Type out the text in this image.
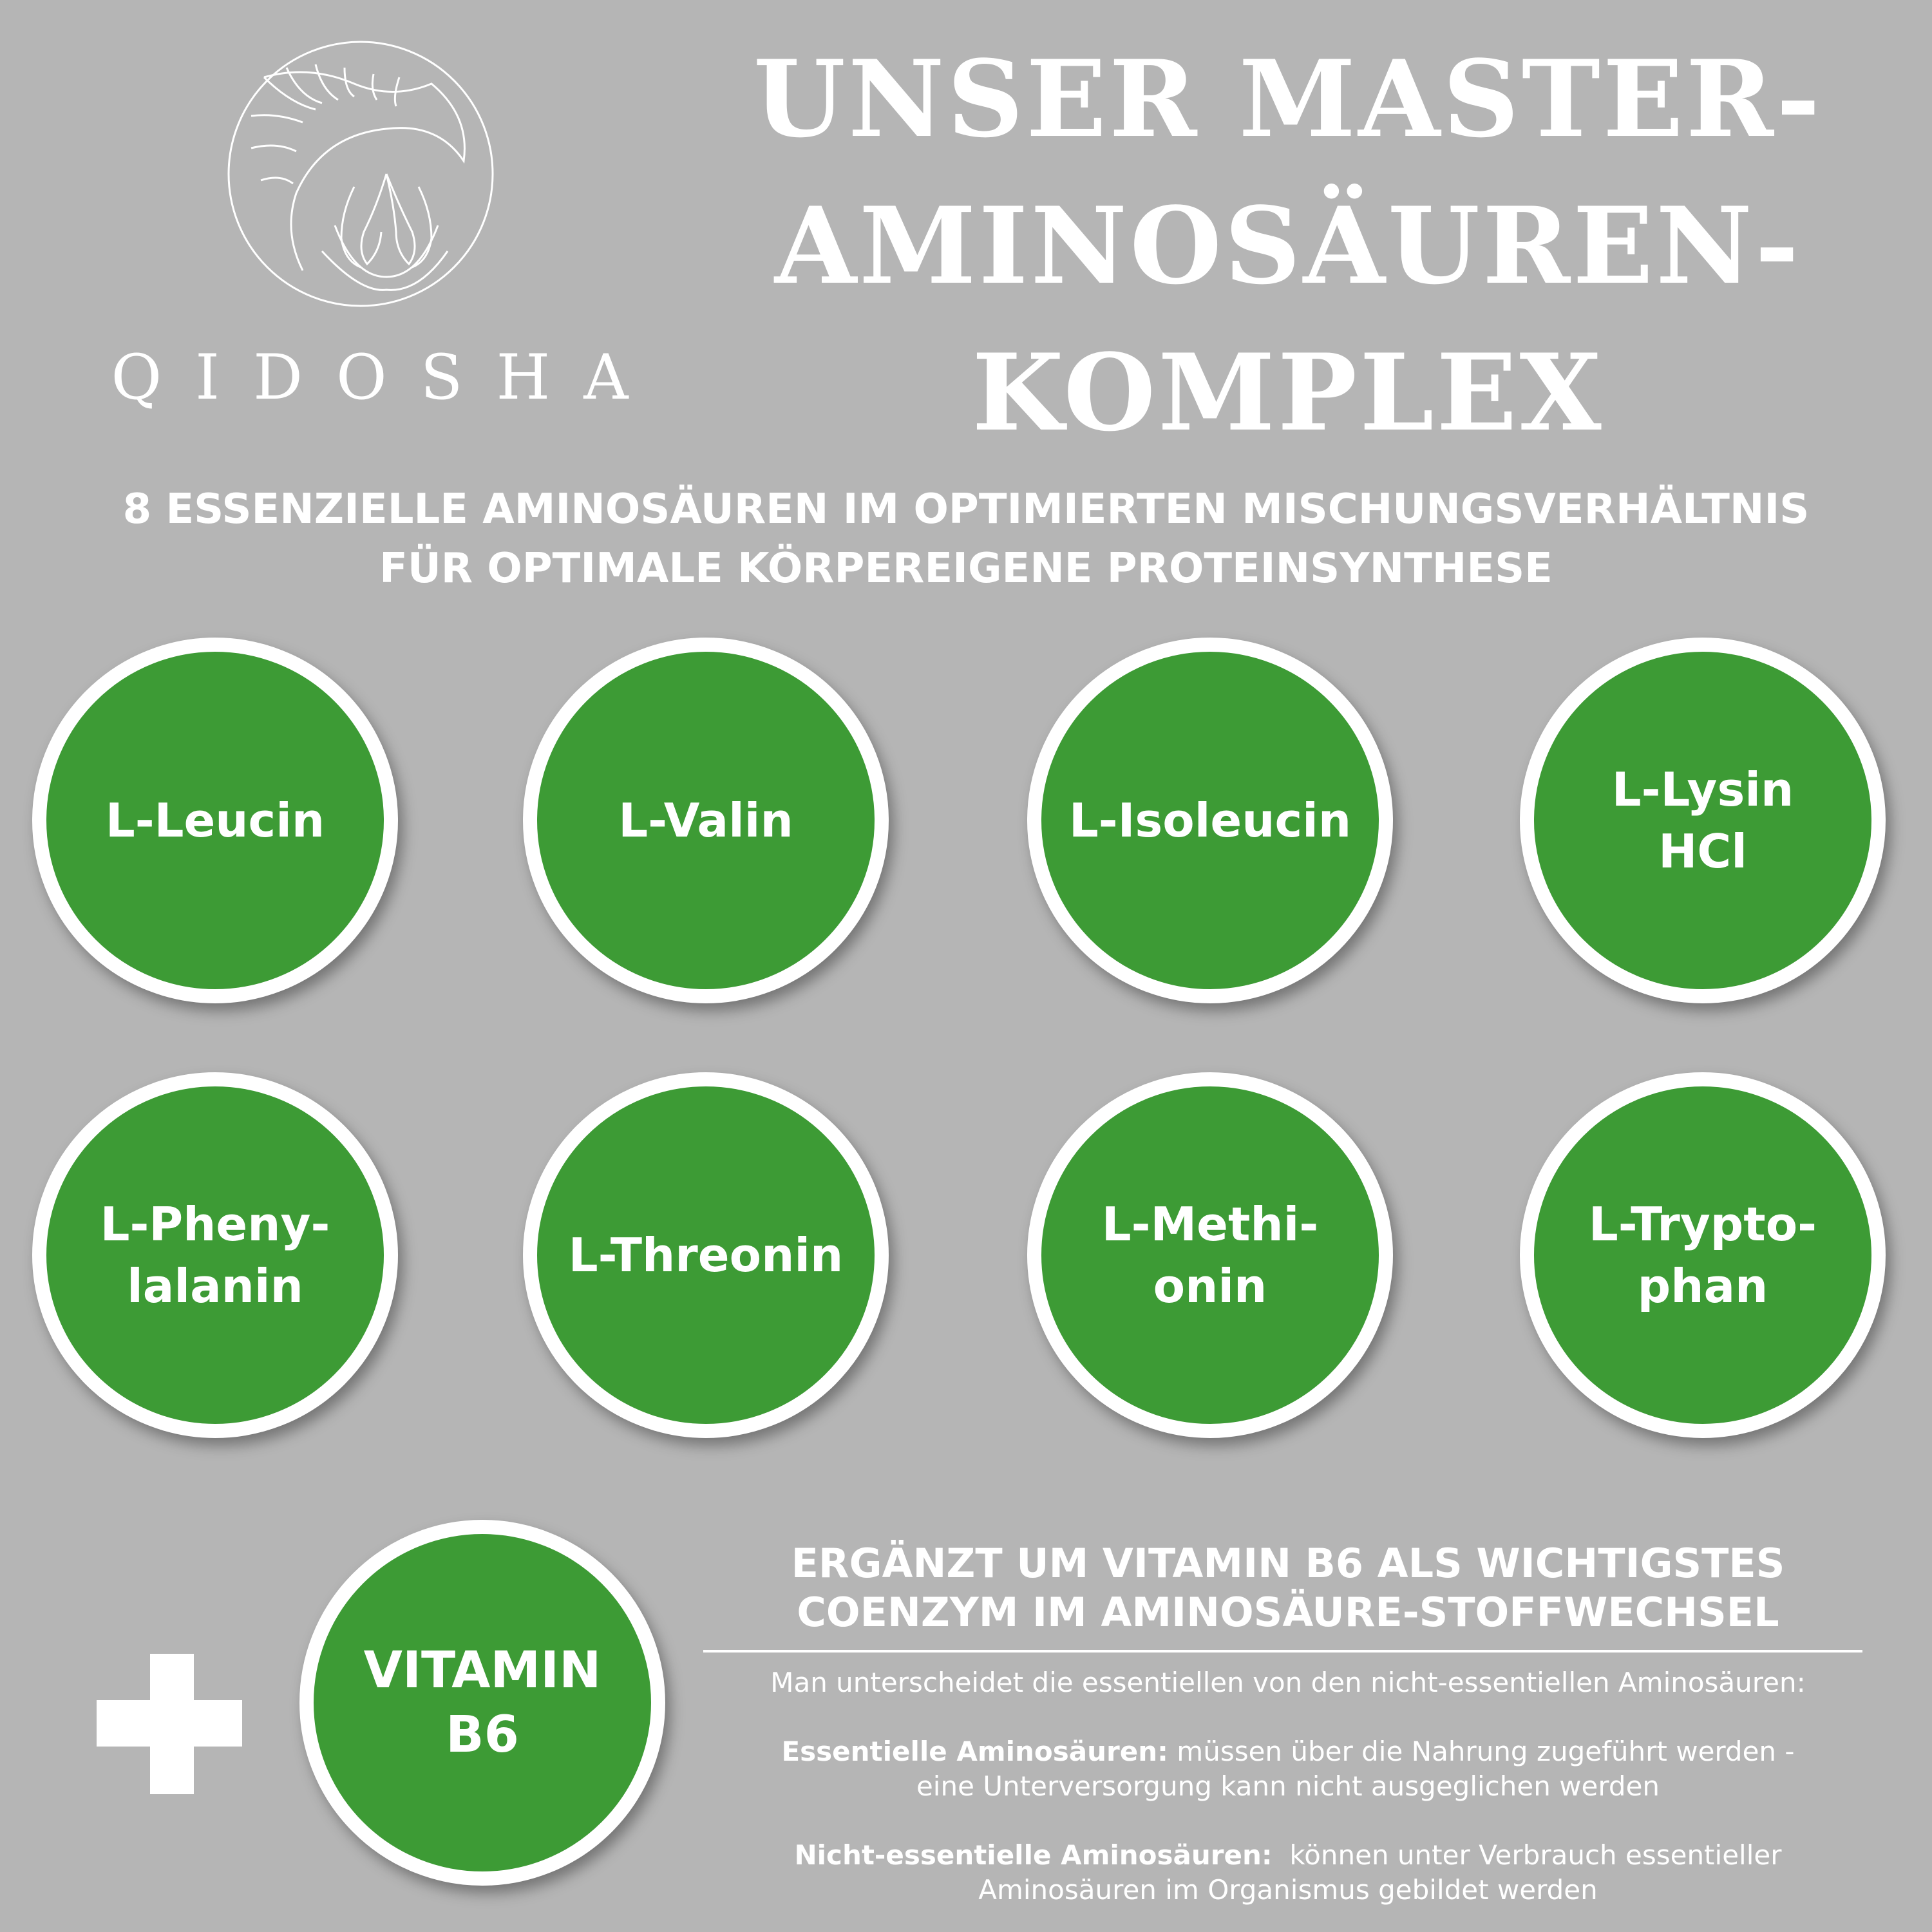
QIDOSHA
UNSER MASTER-
AMINOSÄUREN-
KOMPLEX
8 ESSENZIELLE AMINOSÄUREN IM OPTIMIERTEN MISCHUNGSVERHÄLTNIS
FÜR OPTIMALE KÖRPEREIGENE PROTEINSYNTHESE
L-Leucin	L-Valin	L-Isoleucin
L-Lysin
HCl
L-Pheny-
lalanin
L-Threonin
L-Methi-
onin
L-Trypto-
phan
VITAMIN
B6
ERGÄNZT UM VITAMIN B6 ALS WICHTIGSTES
COENZYM IM AMINOSÄURE-STOFFWECHSEL
Man unterscheidet die essentiellen von den nicht-essentiellen Aminosäuren:
Essentielle Aminosäuren: müssen über die Nahrung zugeführt werden -
eine Unterversorgung kann nicht ausgeglichen werden
Nicht-essentielle Aminosäuren:  können unter Verbrauch essentieller
Aminosäuren im Organismus gebildet werden
